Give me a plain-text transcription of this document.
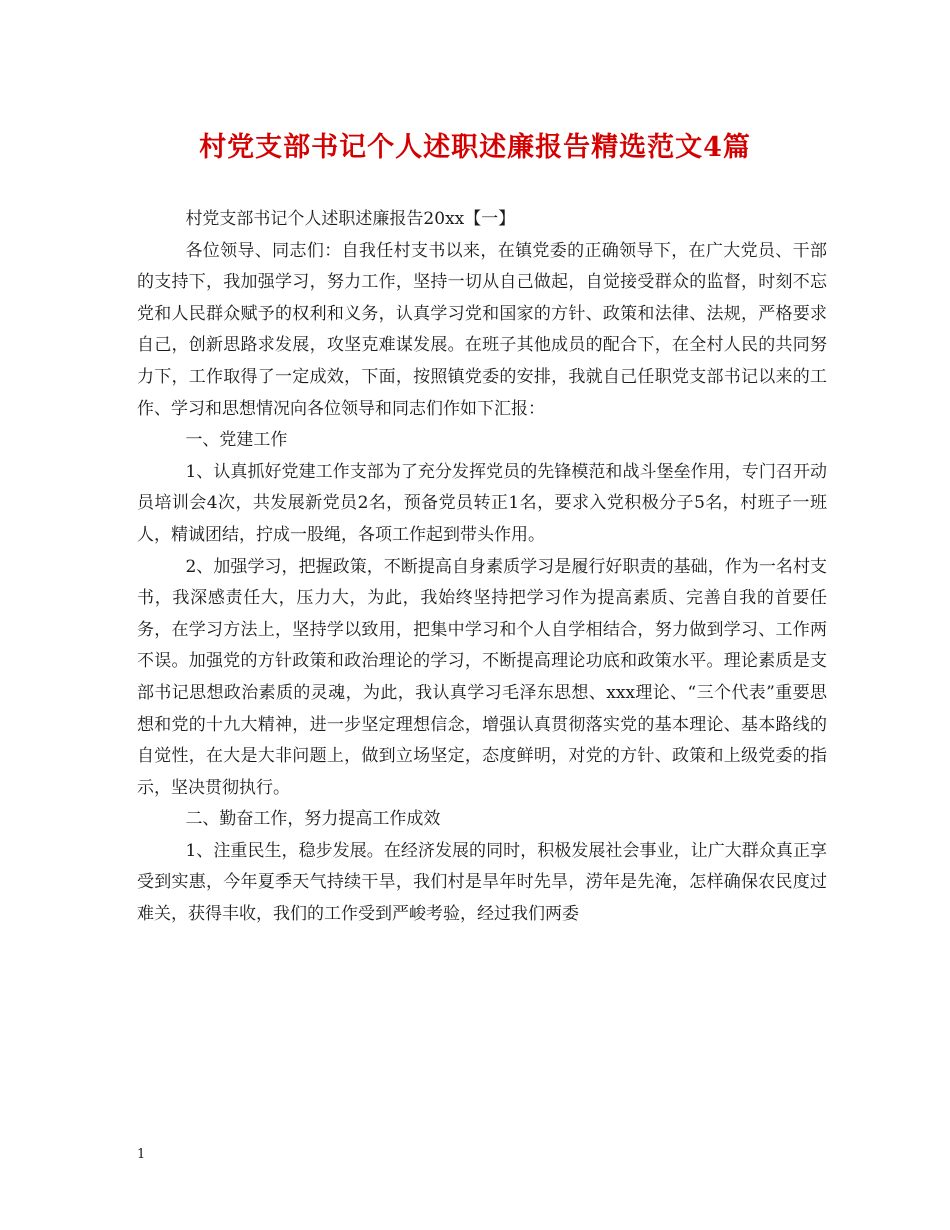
村党支部书记个人述职述廉报告精选范文4篇

村党支部书记个人述职述廉报告20xx【一】

各位领导、同志们：自我任村支书以来，在镇党委的正确领导下，在广大党员、干部的支持下，我加强学习，努力工作，坚持一切从自己做起，自觉接受群众的监督，时刻不忘党和人民群众赋予的权利和义务，认真学习党和国家的方针、政策和法律、法规，严格要求自己，创新思路求发展，攻坚克难谋发展。在班子其他成员的配合下，在全村人民的共同努力下，工作取得了一定成效，下面，按照镇党委的安排，我就自己任职党支部书记以来的工作、学习和思想情况向各位领导和同志们作如下汇报：

一、党建工作

1、认真抓好党建工作支部为了充分发挥党员的先锋模范和战斗堡垒作用，专门召开动员培训会4次，共发展新党员2名，预备党员转正1名，要求入党积极分子5名，村班子一班人，精诚团结，拧成一股绳，各项工作起到带头作用。

2、加强学习，把握政策，不断提高自身素质学习是履行好职责的基础，作为一名村支书，我深感责任大，压力大，为此，我始终坚持把学习作为提高素质、完善自我的首要任务，在学习方法上，坚持学以致用，把集中学习和个人自学相结合，努力做到学习、工作两不误。加强党的方针政策和政治理论的学习，不断提高理论功底和政策水平。理论素质是支部书记思想政治素质的灵魂，为此，我认真学习毛泽东思想、xxx理论、“三个代表”重要思想和党的十九大精神，进一步坚定理想信念，增强认真贯彻落实党的基本理论、基本路线的自觉性，在大是大非问题上，做到立场坚定，态度鲜明，对党的方针、政策和上级党委的指示，坚决贯彻执行。

二、勤奋工作，努力提高工作成效

1、注重民生，稳步发展。在经济发展的同时，积极发展社会事业，让广大群众真正享受到实惠，今年夏季天气持续干旱，我们村是旱年时先旱，涝年是先淹，怎样确保农民度过难关，获得丰收，我们的工作受到严峻考验，经过我们两委

1
